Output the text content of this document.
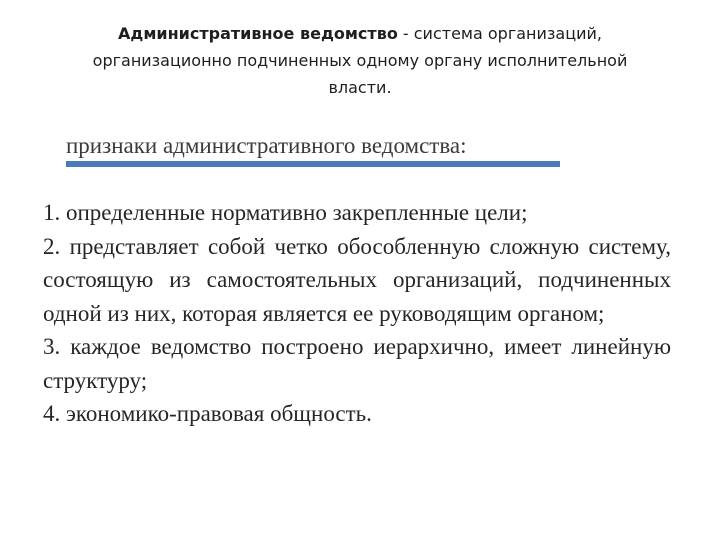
Административное ведомство - система организаций, организационно подчиненных одному органу исполнительной власти.
признаки административного ведомства:
1. определенные нормативно закрепленные цели;
2. представляет собой четко обособленную сложную систему, состоящую из самостоятельных организаций, подчиненных одной из них, которая является ее руководящим органом;
3. каждое ведомство построено иерархично, имеет линейную структуру;
4. экономико-правовая общность.
